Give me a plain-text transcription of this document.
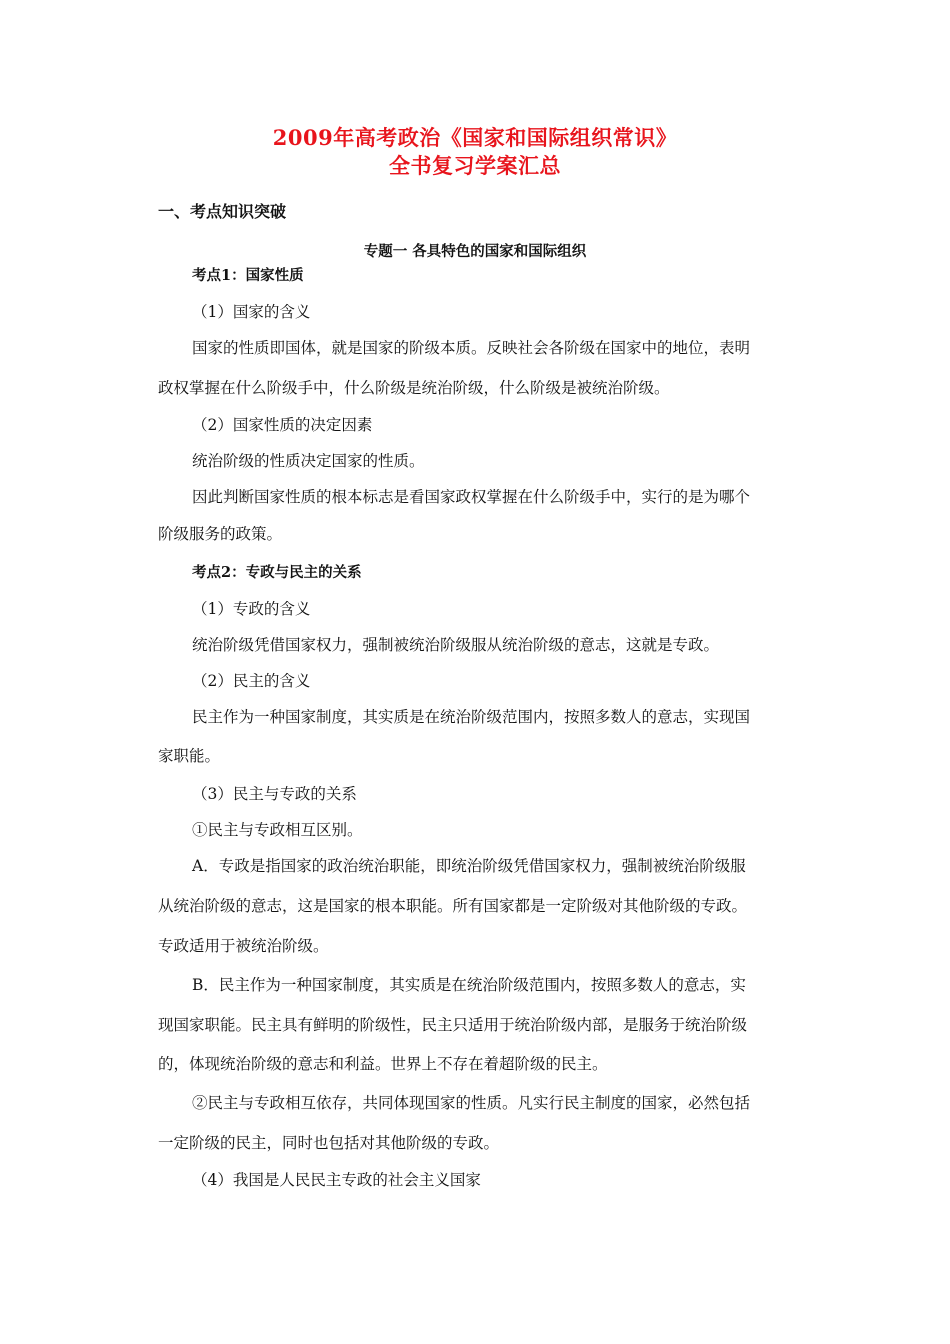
2009年高考政治《国家和国际组织常识》
全书复习学案汇总
一、考点知识突破
专题一 各具特色的国家和国际组织
考点1：国家性质
（1）国家的含义
国家的性质即国体，就是国家的阶级本质。反映社会各阶级在国家中的地位，表明
政权掌握在什么阶级手中，什么阶级是统治阶级，什么阶级是被统治阶级。
（2）国家性质的决定因素
统治阶级的性质决定国家的性质。
因此判断国家性质的根本标志是看国家政权掌握在什么阶级手中，实行的是为哪个
阶级服务的政策。
考点2：专政与民主的关系
（1）专政的含义
统治阶级凭借国家权力，强制被统治阶级服从统治阶级的意志，这就是专政。
（2）民主的含义
民主作为一种国家制度，其实质是在统治阶级范围内，按照多数人的意志，实现国
家职能。
（3）民主与专政的关系
①民主与专政相互区别。
A．专政是指国家的政治统治职能，即统治阶级凭借国家权力，强制被统治阶级服
从统治阶级的意志，这是国家的根本职能。所有国家都是一定阶级对其他阶级的专政。
专政适用于被统治阶级。
B．民主作为一种国家制度，其实质是在统治阶级范围内，按照多数人的意志，实
现国家职能。民主具有鲜明的阶级性，民主只适用于统治阶级内部，是服务于统治阶级
的，体现统治阶级的意志和利益。世界上不存在着超阶级的民主。
②民主与专政相互依存，共同体现国家的性质。凡实行民主制度的国家，必然包括
一定阶级的民主，同时也包括对其他阶级的专政。
（4）我国是人民民主专政的社会主义国家
